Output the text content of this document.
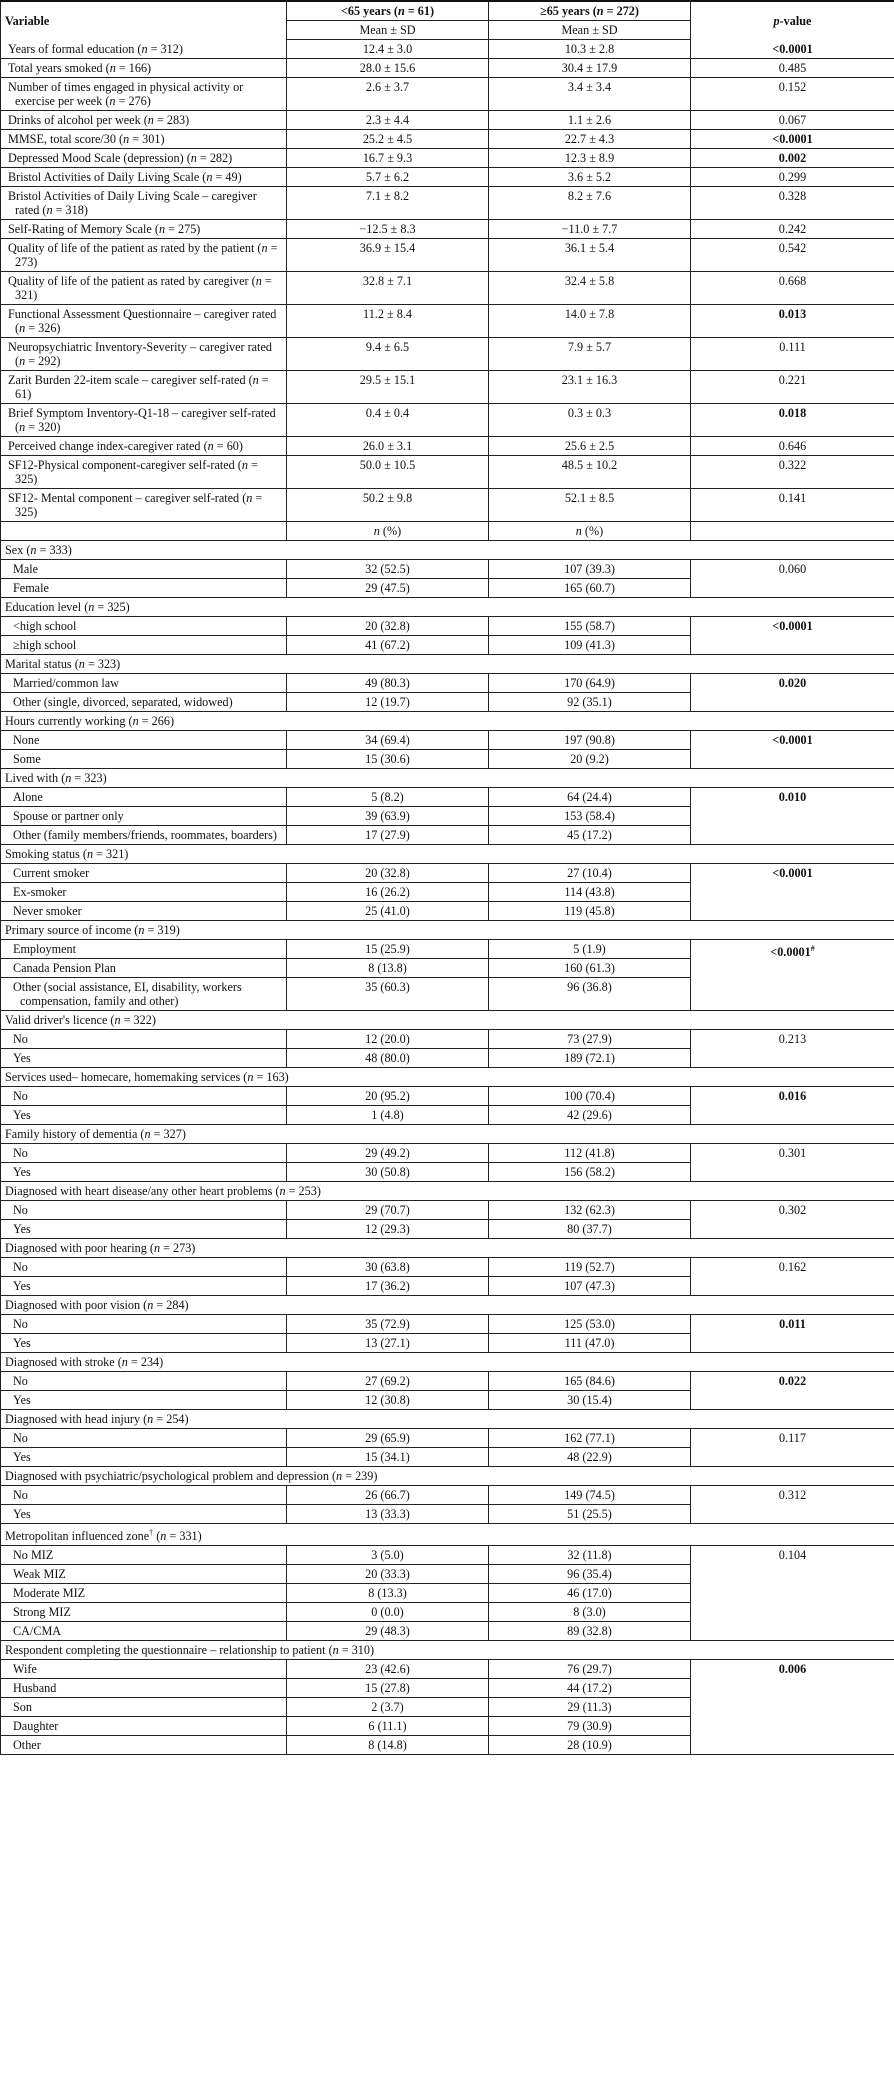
Variable	<65 years (n = 61)	≥65 years (n = 272)	p-value
	Mean ± SD	Mean ± SD	

Years of formal education (n = 312)	12.4 ± 3.0	10.3 ± 2.8	<0.0001

Total years smoked (n = 166)	28.0 ± 15.6	30.4 ± 17.9	0.485

Number of times engaged in physical activity or exercise per week (n = 276)	2.6 ± 3.7	3.4 ± 3.4	0.152

Drinks of alcohol per week (n = 283)	2.3 ± 4.4	1.1 ± 2.6	0.067

MMSE, total score/30 (n = 301)	25.2 ± 4.5	22.7 ± 4.3	<0.0001

Depressed Mood Scale (depression) (n = 282)	16.7 ± 9.3	12.3 ± 8.9	0.002

Bristol Activities of Daily Living Scale (n = 49)	5.7 ± 6.2	3.6 ± 5.2	0.299

Bristol Activities of Daily Living Scale – caregiver rated (n = 318)	7.1 ± 8.2	8.2 ± 7.6	0.328

Self-Rating of Memory Scale (n = 275)	−12.5 ± 8.3	−11.0 ± 7.7	0.242

Quality of life of the patient as rated by the patient (n = 273)	36.9 ± 15.4	36.1 ± 5.4	0.542

Quality of life of the patient as rated by caregiver (n = 321)	32.8 ± 7.1	32.4 ± 5.8	0.668

Functional Assessment Questionnaire – caregiver rated (n = 326)	11.2 ± 8.4	14.0 ± 7.8	0.013

Neuropsychiatric Inventory-Severity – caregiver rated (n = 292)	9.4 ± 6.5	7.9 ± 5.7	0.111

Zarit Burden 22-item scale – caregiver self-rated (n = 61)	29.5 ± 15.1	23.1 ± 16.3	0.221

Brief Symptom Inventory-Q1-18 – caregiver self-rated (n = 320)	0.4 ± 0.4	0.3 ± 0.3	0.018

Perceived change index-caregiver rated (n = 60)	26.0 ± 3.1	25.6 ± 2.5	0.646

SF12-Physical component-caregiver self-rated (n = 325)	50.0 ± 10.5	48.5 ± 10.2	0.322

SF12- Mental component – caregiver self-rated (n = 325)	50.2 ± 9.8	52.1 ± 8.5	0.141
	n (%)	n (%)	
Sex (n = 333)			

Male	32 (52.5)	107 (39.3)	0.060

Female	29 (47.5)	165 (60.7)	
Education level (n = 325)			

<high school	20 (32.8)	155 (58.7)	<0.0001

≥high school	41 (67.2)	109 (41.3)	
Marital status (n = 323)			

Married/common law	49 (80.3)	170 (64.9)	0.020

Other (single, divorced, separated, widowed)	12 (19.7)	92 (35.1)	
Hours currently working (n = 266)			

None	34 (69.4)	197 (90.8)	<0.0001

Some	15 (30.6)	20 (9.2)	
Lived with (n = 323)			

Alone	5 (8.2)	64 (24.4)	0.010

Spouse or partner only	39 (63.9)	153 (58.4)	

Other (family members/friends, roommates, boarders)	17 (27.9)	45 (17.2)	
Smoking status (n = 321)			

Current smoker	20 (32.8)	27 (10.4)	<0.0001

Ex-smoker	16 (26.2)	114 (43.8)	

Never smoker	25 (41.0)	119 (45.8)	
Primary source of income (n = 319)			

Employment	15 (25.9)	5 (1.9)	<0.0001#

Canada Pension Plan	8 (13.8)	160 (61.3)	

Other (social assistance, EI, disability, workers compensation, family and other)	35 (60.3)	96 (36.8)	
Valid driver's licence (n = 322)			

No	12 (20.0)	73 (27.9)	0.213

Yes	48 (80.0)	189 (72.1)	
Services used– homecare, homemaking services (n = 163)			

No	20 (95.2)	100 (70.4)	0.016

Yes	1 (4.8)	42 (29.6)	
Family history of dementia (n = 327)			

No	29 (49.2)	112 (41.8)	0.301

Yes	30 (50.8)	156 (58.2)	
Diagnosed with heart disease/any other heart problems (n = 253)			

No	29 (70.7)	132 (62.3)	0.302

Yes	12 (29.3)	80 (37.7)	
Diagnosed with poor hearing (n = 273)			

No	30 (63.8)	119 (52.7)	0.162

Yes	17 (36.2)	107 (47.3)	
Diagnosed with poor vision (n = 284)			

No	35 (72.9)	125 (53.0)	0.011

Yes	13 (27.1)	111 (47.0)	
Diagnosed with stroke (n = 234)			

No	27 (69.2)	165 (84.6)	0.022

Yes	12 (30.8)	30 (15.4)	
Diagnosed with head injury (n = 254)			

No	29 (65.9)	162 (77.1)	0.117

Yes	15 (34.1)	48 (22.9)	
Diagnosed with psychiatric/psychological problem and depression (n = 239)			

No	26 (66.7)	149 (74.5)	0.312

Yes	13 (33.3)	51 (25.5)	
Metropolitan influenced zone† (n = 331)			

No MIZ	3 (5.0)	32 (11.8)	0.104

Weak MIZ	20 (33.3)	96 (35.4)	

Moderate MIZ	8 (13.3)	46 (17.0)	

Strong MIZ	0 (0.0)	8 (3.0)	

CA/CMA	29 (48.3)	89 (32.8)	
Respondent completing the questionnaire – relationship to patient (n = 310)			

Wife	23 (42.6)	76 (29.7)	0.006

Husband	15 (27.8)	44 (17.2)	

Son	2 (3.7)	29 (11.3)	

Daughter	6 (11.1)	79 (30.9)	

Other	8 (14.8)	28 (10.9)	
